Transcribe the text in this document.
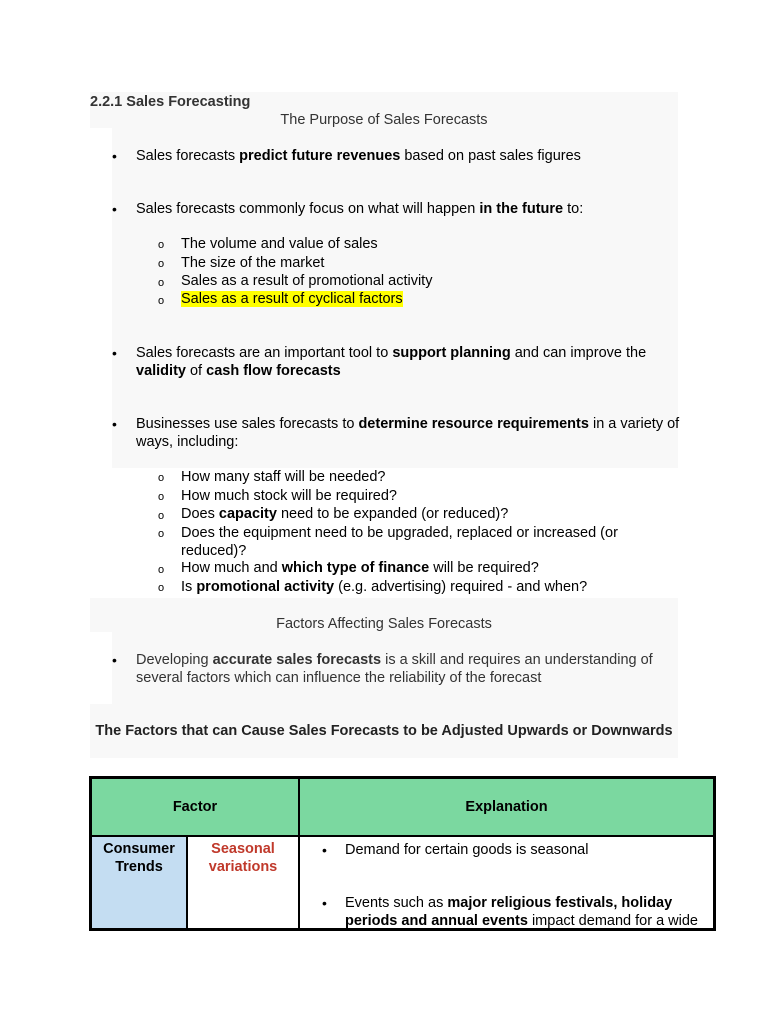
2.2.1 Sales Forecasting
The Purpose of Sales Forecasts
• Sales forecasts predict future revenues based on past sales figures
• Sales forecasts commonly focus on what will happen in the future to:
o The volume and value of sales
o The size of the market
o Sales as a result of promotional activity
o Sales as a result of cyclical factors
• Sales forecasts are an important tool to support planning and can improve the validity of cash flow forecasts
• Businesses use sales forecasts to determine resource requirements in a variety of ways, including:
o How many staff will be needed?
o How much stock will be required?
o Does capacity need to be expanded (or reduced)?
o Does the equipment need to be upgraded, replaced or increased (or reduced)?
o How much and which type of finance will be required?
o Is promotional activity (e.g. advertising) required - and when?
Factors Affecting Sales Forecasts
• Developing accurate sales forecasts is a skill and requires an understanding of several factors which can influence the reliability of the forecast
The Factors that can Cause Sales Forecasts to be Adjusted Upwards or Downwards
Factor		Explanation
Consumer Trends	Seasonal variations	• Demand for certain goods is seasonal
• Events such as major religious festivals, holiday periods and annual events impact demand for a wide
